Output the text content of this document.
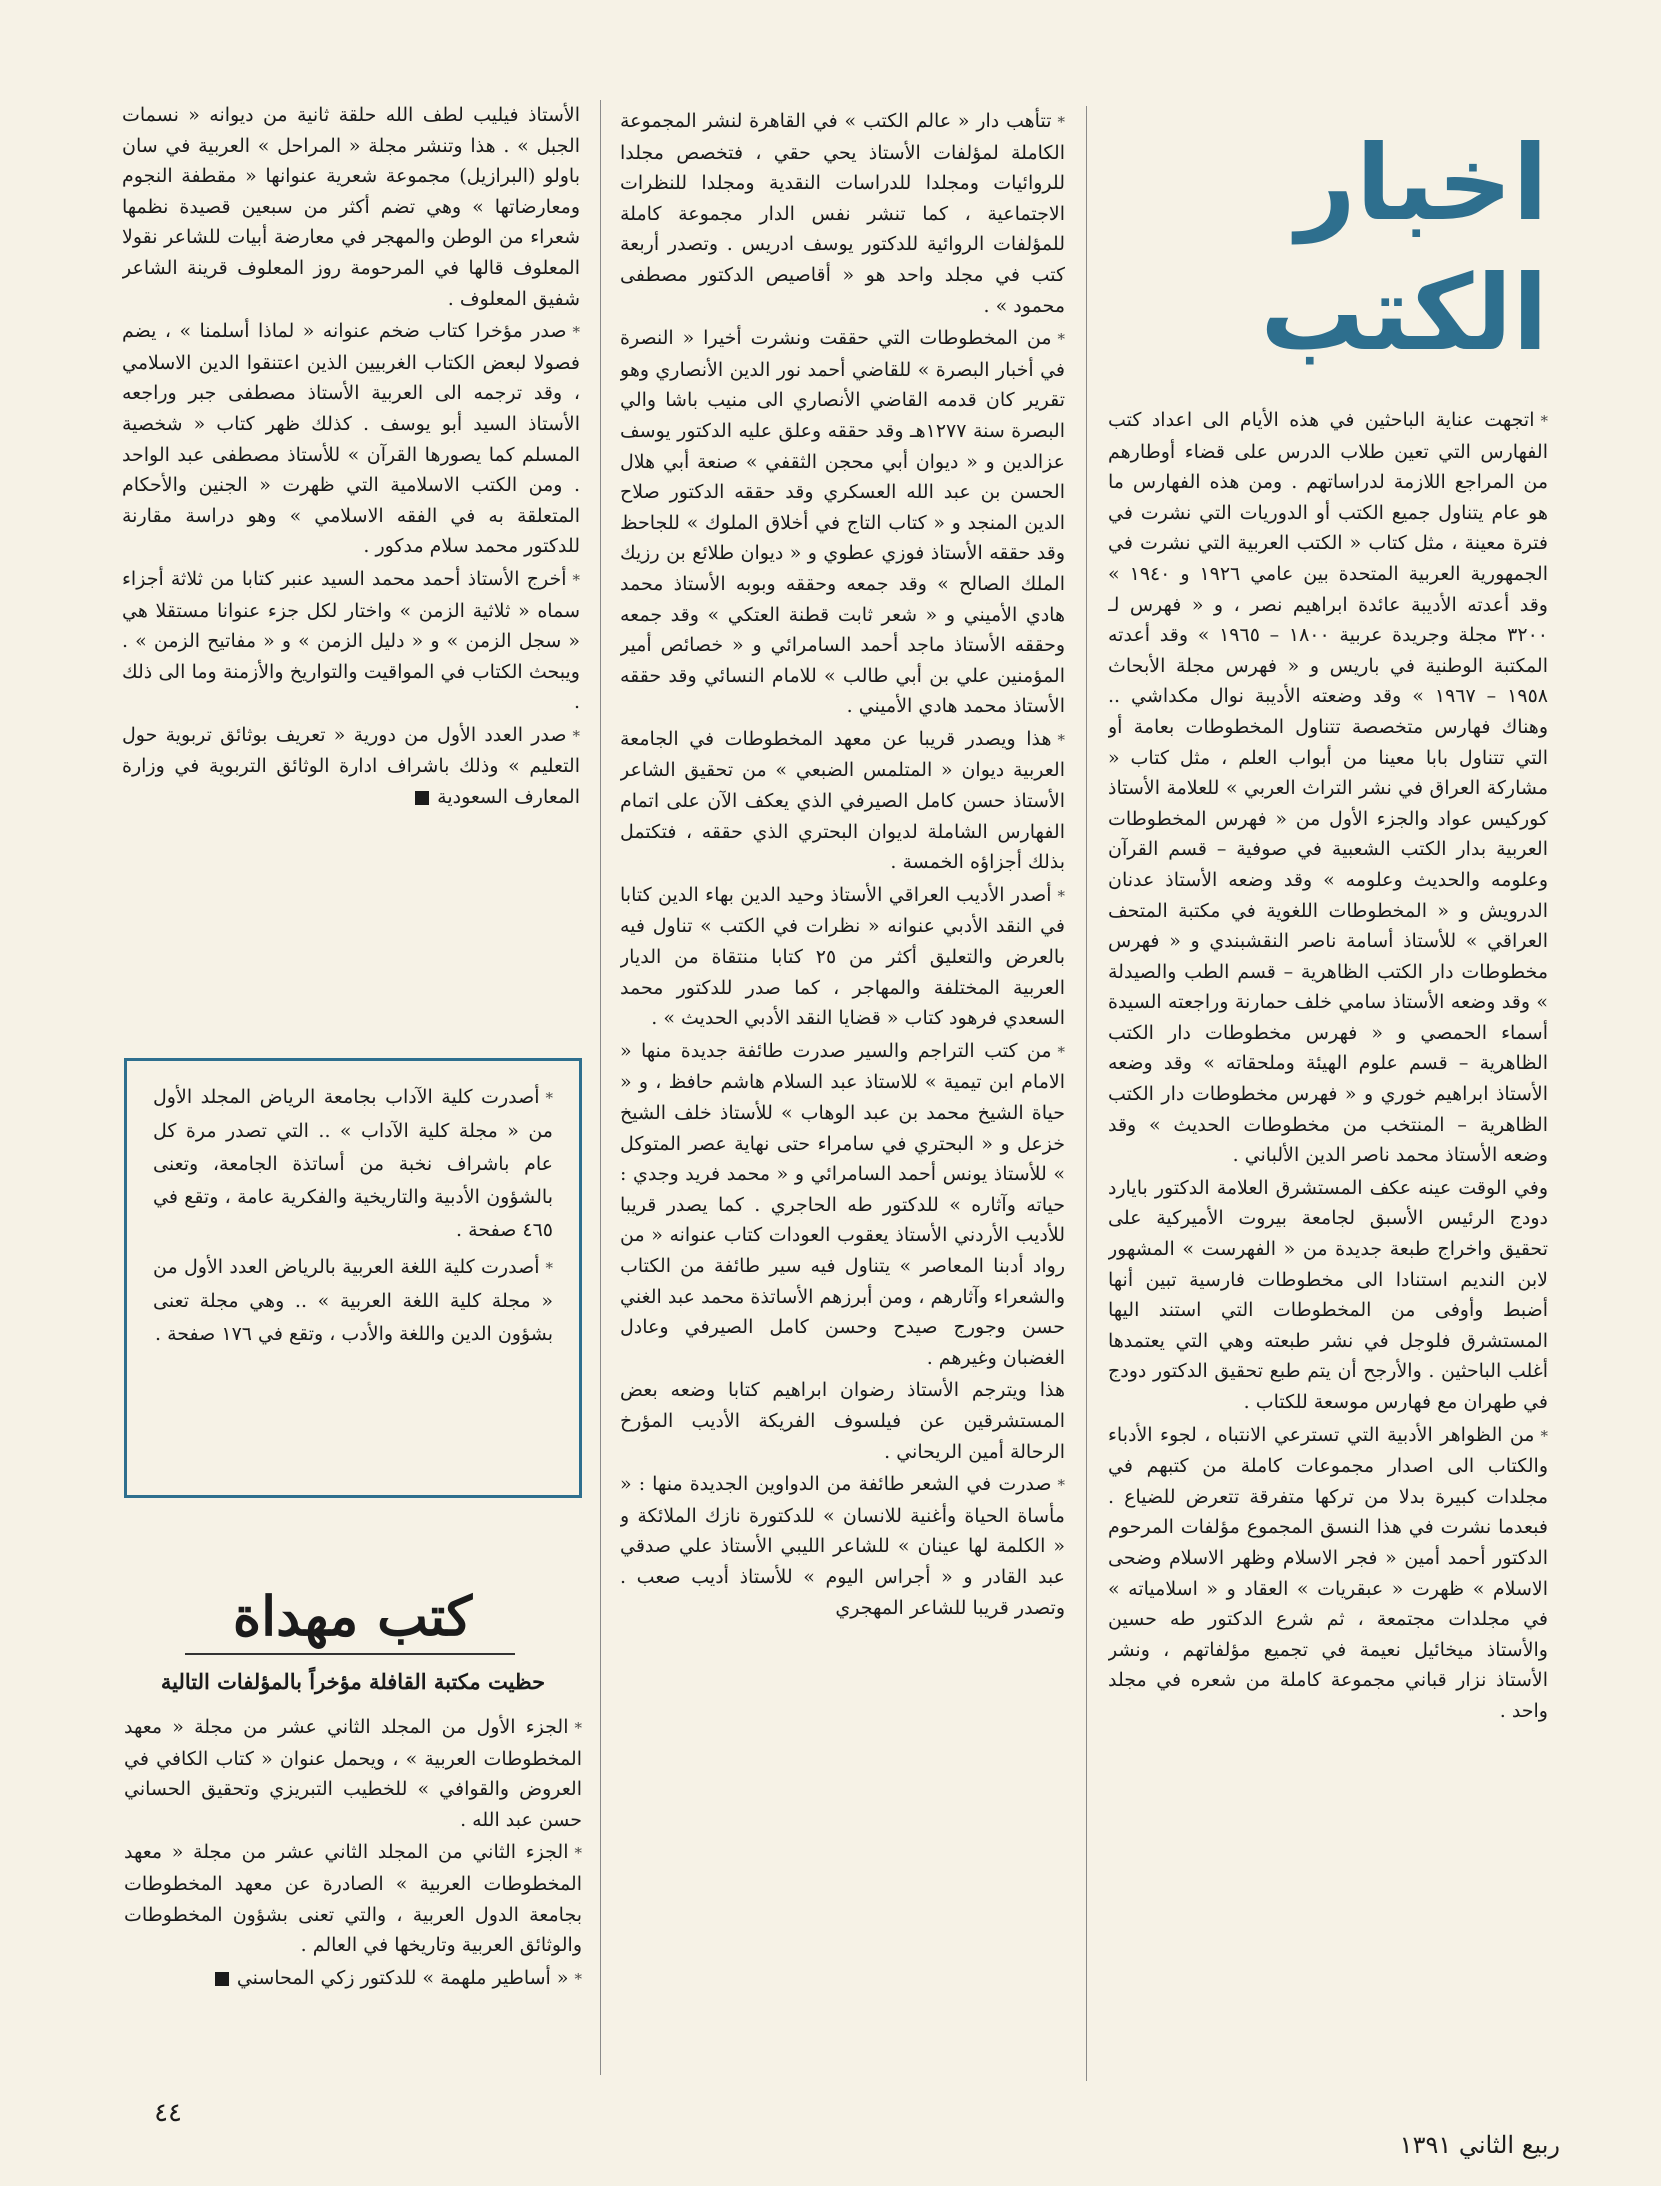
اخبار
الكتب

*اتجهت عناية الباحثين في هذه الأيام الى اعداد كتب الفهارس التي تعين طلاب الدرس على قضاء أوطارهم من المراجع اللازمة لدراساتهم . ومن هذه الفهارس ما هو عام يتناول جميع الكتب أو الدوريات التي نشرت في فترة معينة ، مثل كتاب « الكتب العربية التي نشرت في الجمهورية العربية المتحدة بين عامي ١٩٢٦ و ١٩٤٠ » وقد أعدته الأديبة عائدة ابراهيم نصر ، و « فهرس لـ ٣٢٠٠ مجلة وجريدة عربية ١٨٠٠ – ١٩٦٥ » وقد أعدته المكتبة الوطنية في باريس و « فهرس مجلة الأبحاث ١٩٥٨ – ١٩٦٧ » وقد وضعته الأديبة نوال مكداشي .. وهناك فهارس متخصصة تتناول المخطوطات بعامة أو التي تتناول بابا معينا من أبواب العلم ، مثل كتاب « مشاركة العراق في نشر التراث العربي » للعلامة الأستاذ كوركيس عواد والجزء الأول من « فهرس المخطوطات العربية بدار الكتب الشعبية في صوفية – قسم القرآن وعلومه والحديث وعلومه » وقد وضعه الأستاذ عدنان الدرويش و « المخطوطات اللغوية في مكتبة المتحف العراقي » للأستاذ أسامة ناصر النقشبندي و « فهرس مخطوطات دار الكتب الظاهرية – قسم الطب والصيدلة » وقد وضعه الأستاذ سامي خلف حمارنة وراجعته السيدة أسماء الحمصي و « فهرس مخطوطات دار الكتب الظاهرية – قسم علوم الهيئة وملحقاته » وقد وضعه الأستاذ ابراهيم خوري و « فهرس مخطوطات دار الكتب الظاهرية – المنتخب من مخطوطات الحديث » وقد وضعه الأستاذ محمد ناصر الدين الألباني .

وفي الوقت عينه عكف المستشرق العلامة الدكتور بايارد دودج الرئيس الأسبق لجامعة بيروت الأميركية على تحقيق واخراج طبعة جديدة من « الفهرست » المشهور لابن النديم استنادا الى مخطوطات فارسية تبين أنها أضبط وأوفى من المخطوطات التي استند اليها المستشرق فلوجل في نشر طبعته وهي التي يعتمدها أغلب الباحثين . والأرجح أن يتم طبع تحقيق الدكتور دودج في طهران مع فهارس موسعة للكتاب .

*من الظواهر الأدبية التي تسترعي الانتباه ، لجوء الأدباء والكتاب الى اصدار مجموعات كاملة من كتبهم في مجلدات كبيرة بدلا من تركها متفرقة تتعرض للضياع . فبعدما نشرت في هذا النسق المجموع مؤلفات المرحوم الدكتور أحمد أمين « فجر الاسلام وظهر الاسلام وضحى الاسلام » ظهرت « عبقريات » العقاد و « اسلامياته » في مجلدات مجتمعة ، ثم شرع الدكتور طه حسين والأستاذ ميخائيل نعيمة في تجميع مؤلفاتهم ، ونشر الأستاذ نزار قباني مجموعة كاملة من شعره في مجلد واحد .

*تتأهب دار « عالم الكتب » في القاهرة لنشر المجموعة الكاملة لمؤلفات الأستاذ يحي حقي ، فتخصص مجلدا للروائيات ومجلدا للدراسات النقدية ومجلدا للنظرات الاجتماعية ، كما تنشر نفس الدار مجموعة كاملة للمؤلفات الروائية للدكتور يوسف ادريس . وتصدر أربعة كتب في مجلد واحد هو « أقاصيص الدكتور مصطفى محمود » .

*من المخطوطات التي حققت ونشرت أخيرا « النصرة في أخبار البصرة » للقاضي أحمد نور الدين الأنصاري وهو تقرير كان قدمه القاضي الأنصاري الى منيب باشا والي البصرة سنة ١٢٧٧هـ وقد حققه وعلق عليه الدكتور يوسف عزالدين و « ديوان أبي محجن الثقفي » صنعة أبي هلال الحسن بن عبد الله العسكري وقد حققه الدكتور صلاح الدين المنجد و « كتاب التاج في أخلاق الملوك » للجاحظ وقد حققه الأستاذ فوزي عطوي و « ديوان طلائع بن رزيك الملك الصالح » وقد جمعه وحققه وبوبه الأستاذ محمد هادي الأميني و « شعر ثابت قطنة العتكي » وقد جمعه وحققه الأستاذ ماجد أحمد السامرائي و « خصائص أمير المؤمنين علي بن أبي طالب » للامام النسائي وقد حققه الأستاذ محمد هادي الأميني .

*هذا ويصدر قريبا عن معهد المخطوطات في الجامعة العربية ديوان « المتلمس الضبعي » من تحقيق الشاعر الأستاذ حسن كامل الصيرفي الذي يعكف الآن على اتمام الفهارس الشاملة لديوان البحتري الذي حققه ، فتكتمل بذلك أجزاؤه الخمسة .

*أصدر الأديب العراقي الأستاذ وحيد الدين بهاء الدين كتابا في النقد الأدبي عنوانه « نظرات في الكتب » تناول فيه بالعرض والتعليق أكثر من ٢٥ كتابا منتقاة من الديار العربية المختلفة والمهاجر ، كما صدر للدكتور محمد السعدي فرهود كتاب « قضايا النقد الأدبي الحديث » .

*من كتب التراجم والسير صدرت طائفة جديدة منها « الامام ابن تيمية » للاستاذ عبد السلام هاشم حافظ ، و « حياة الشيخ محمد بن عبد الوهاب » للأستاذ خلف الشيخ خزعل و « البحتري في سامراء حتى نهاية عصر المتوكل » للأستاذ يونس أحمد السامرائي و « محمد فريد وجدي : حياته وآثاره » للدكتور طه الحاجري . كما يصدر قريبا للأديب الأردني الأستاذ يعقوب العودات كتاب عنوانه « من رواد أدبنا المعاصر » يتناول فيه سير طائفة من الكتاب والشعراء وآثارهم ، ومن أبرزهم الأساتذة محمد عبد الغني حسن وجورج صيدح وحسن كامل الصيرفي وعادل الغضبان وغيرهم .

هذا ويترجم الأستاذ رضوان ابراهيم كتابا وضعه بعض المستشرقين عن فيلسوف الفريكة الأديب المؤرخ الرحالة أمين الريحاني .

*صدرت في الشعر طائفة من الدواوين الجديدة منها : « مأساة الحياة وأغنية للانسان » للدكتورة نازك الملائكة و « الكلمة لها عينان » للشاعر الليبي الأستاذ علي صدقي عبد القادر و « أجراس اليوم » للأستاذ أديب صعب . وتصدر قريبا للشاعر المهجري

الأستاذ فيليب لطف الله حلقة ثانية من ديوانه « نسمات الجبل » . هذا وتنشر مجلة « المراحل » العربية في سان باولو (البرازيل) مجموعة شعرية عنوانها « مقطفة النجوم ومعارضاتها » وهي تضم أكثر من سبعين قصيدة نظمها شعراء من الوطن والمهجر في معارضة أبيات للشاعر نقولا المعلوف قالها في المرحومة روز المعلوف قرينة الشاعر شفيق المعلوف .

*صدر مؤخرا كتاب ضخم عنوانه « لماذا أسلمنا » ، يضم فصولا لبعض الكتاب الغربيين الذين اعتنقوا الدين الاسلامي ، وقد ترجمه الى العربية الأستاذ مصطفى جبر وراجعه الأستاذ السيد أبو يوسف . كذلك ظهر كتاب « شخصية المسلم كما يصورها القرآن » للأستاذ مصطفى عبد الواحد . ومن الكتب الاسلامية التي ظهرت « الجنين والأحكام المتعلقة به في الفقه الاسلامي » وهو دراسة مقارنة للدكتور محمد سلام مدكور .

*أخرج الأستاذ أحمد محمد السيد عنبر كتابا من ثلاثة أجزاء سماه « ثلاثية الزمن » واختار لكل جزء عنوانا مستقلا هي « سجل الزمن » و « دليل الزمن » و « مفاتيح الزمن » . ويبحث الكتاب في المواقيت والتواريخ والأزمنة وما الى ذلك .

*صدر العدد الأول من دورية « تعريف بوثائق تربوية حول التعليم » وذلك باشراف ادارة الوثائق التربوية في وزارة المعارف السعودية

*أصدرت كلية الآداب بجامعة الرياض المجلد الأول من « مجلة كلية الآداب » .. التي تصدر مرة كل عام باشراف نخبة من أساتذة الجامعة، وتعنى بالشؤون الأدبية والتاريخية والفكرية عامة ، وتقع في ٤٦٥ صفحة .

*أصدرت كلية اللغة العربية بالرياض العدد الأول من « مجلة كلية اللغة العربية » .. وهي مجلة تعنى بشؤون الدين واللغة والأدب ، وتقع في ١٧٦ صفحة .

كتب مهداة
حظيت مكتبة القافلة مؤخراً بالمؤلفات التالية

*الجزء الأول من المجلد الثاني عشر من مجلة « معهد المخطوطات العربية » ، ويحمل عنوان « كتاب الكافي في العروض والقوافي » للخطيب التبريزي وتحقيق الحساني حسن عبد الله .

*الجزء الثاني من المجلد الثاني عشر من مجلة « معهد المخطوطات العربية » الصادرة عن معهد المخطوطات بجامعة الدول العربية ، والتي تعنى بشؤون المخطوطات والوثائق العربية وتاريخها في العالم .

*« أساطير ملهمة » للدكتور زكي المحاسني

٤٤
ربيع الثاني ١٣٩١
